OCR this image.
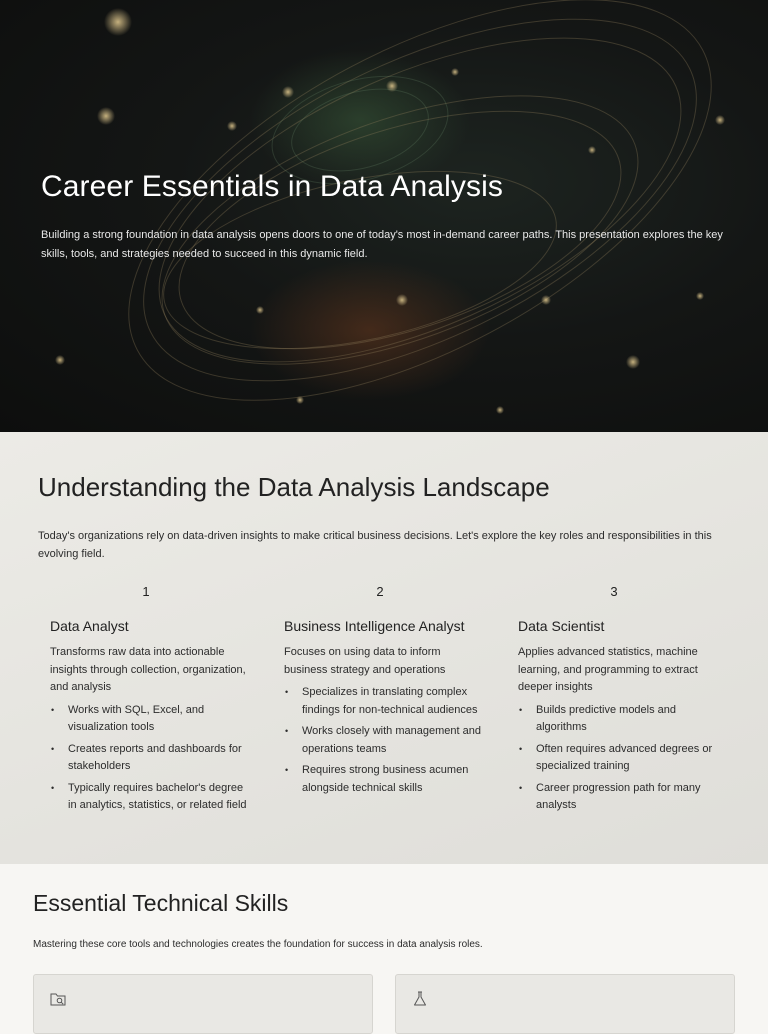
Career Essentials in Data Analysis

Building a strong foundation in data analysis opens doors to one of today's most in-demand career paths. This presentation explores the key skills, tools, and strategies needed to succeed in this dynamic field.

Understanding the Data Analysis Landscape

Today's organizations rely on data-driven insights to make critical business decisions. Let's explore the key roles and responsibilities in this evolving field.

1
Data Analyst

Transforms raw data into actionable insights through collection, organization, and analysis

• Works with SQL, Excel, and visualization tools
• Creates reports and dashboards for stakeholders
• Typically requires bachelor's degree in analytics, statistics, or related field
2
Business Intelligence Analyst

Focuses on using data to inform business strategy and operations

• Specializes in translating complex findings for non-technical audiences
• Works closely with management and operations teams
• Requires strong business acumen alongside technical skills
3
Data Scientist

Applies advanced statistics, machine learning, and programming to extract deeper insights

• Builds predictive models and algorithms
• Often requires advanced degrees or specialized training
• Career progression path for many analysts
Essential Technical Skills

Mastering these core tools and technologies creates the foundation for success in data analysis roles.
